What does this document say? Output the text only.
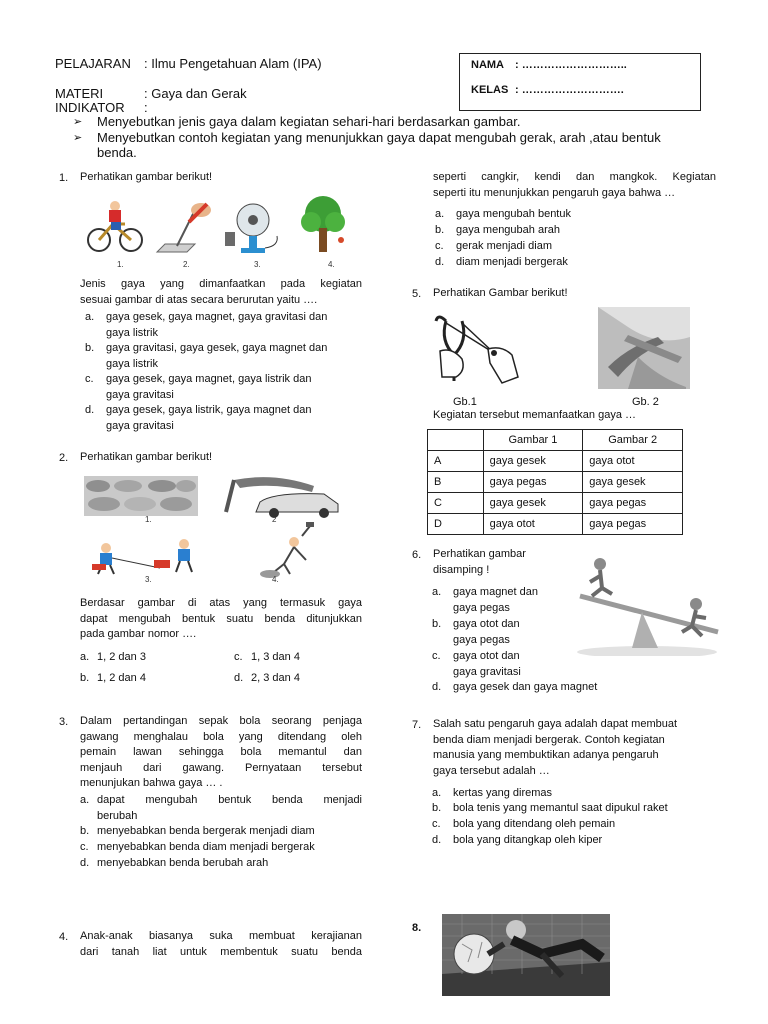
PELAJARAN : Ilmu Pengetahuan Alam (IPA)
MATERI	: Gaya dan Gerak
INDIKATOR :
➢ Menyebutkan jenis gaya dalam kegiatan sehari-hari berdasarkan gambar.
➢ Menyebutkan contoh kegiatan yang menunjukkan gaya dapat mengubah gerak, arah ,atau bentuk
benda.
NAMA : ………………………..
KELAS : ……………………….
1. Perhatikan gambar berikut!
1.	2.	3.	4.
Jenis gaya yang dimanfaatkan pada kegiatan
sesuai gambar di atas secara berurutan yaitu ….
a. gaya gesek, gaya magnet, gaya gravitasi dan
gaya listrik
b. gaya gravitasi, gaya gesek, gaya magnet dan
gaya listrik
c. gaya gesek, gaya magnet, gaya listrik dan
gaya gravitasi
d. gaya gesek, gaya listrik, gaya magnet dan
gaya gravitasi
2. Perhatikan gambar berikut!
1.	2
3.	4.
Berdasar gambar di atas yang termasuk gaya
dapat mengubah bentuk suatu benda ditunjukkan
pada gambar nomor ….
a. 1, 2 dan 3	c. 1, 3 dan 4
b. 1, 2 dan 4	d. 2, 3 dan 4
3. Dalam pertandingan sepak bola seorang penjaga
gawang menghalau bola yang ditendang oleh
pemain lawan sehingga bola memantul dan
menjauh dari gawang. Pernyataan tersebut
menunjukan bahwa gaya … .
a. dapat mengubah bentuk benda menjadi
berubah
b. menyebabkan benda bergerak menjadi diam
c. menyebabkan benda diam menjadi bergerak
d. menyebabkan benda berubah arah
4. Anak-anak biasanya suka membuat kerajianan
dari tanah liat untuk membentuk suatu benda
seperti cangkir, kendi dan mangkok. Kegiatan
seperti itu menunjukkan pengaruh gaya bahwa …
a. gaya mengubah bentuk
b. gaya mengubah arah
c. gerak menjadi diam
d. diam menjadi bergerak
5. Perhatikan Gambar berikut!
Gb.1	Gb. 2
Kegiatan tersebut memanfaatkan gaya …
	Gambar 1	Gambar 2
A	gaya gesek	gaya otot
B	gaya pegas	gaya gesek
C	gaya gesek	gaya pegas
D	gaya otot	gaya pegas
6. Perhatikan gambar
disamping !
a. gaya magnet dan
gaya pegas
b. gaya otot dan
gaya pegas
c. gaya otot dan
gaya gravitasi
d. gaya gesek dan gaya magnet
7. Salah satu pengaruh gaya adalah dapat membuat
benda diam menjadi bergerak. Contoh kegiatan
manusia yang membuktikan adanya pengaruh
gaya tersebut adalah …
a. kertas yang diremas
b. bola tenis yang memantul saat dipukul raket
c. bola yang ditendang oleh pemain
d. bola yang ditangkap oleh kiper
8.
